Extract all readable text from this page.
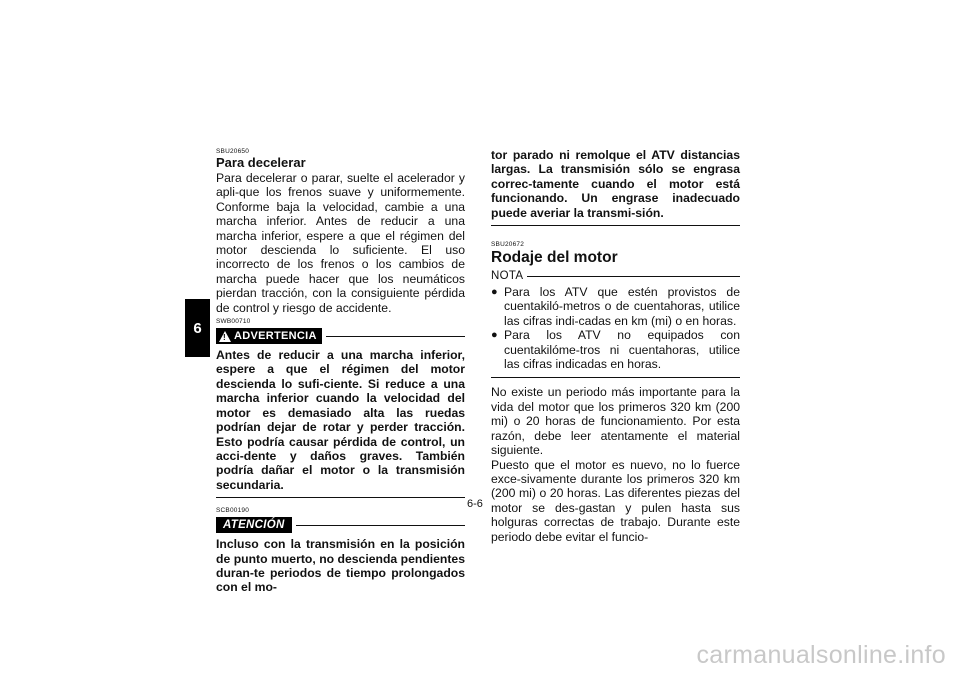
6

SBU20650

Para decelerar

Para decelerar o parar, suelte el acelerador y apli-que los frenos suave y uniformemente. Conforme baja la velocidad, cambie a una marcha inferior. Antes de reducir a una marcha inferior, espere a que el régimen del motor descienda lo suficiente. El uso incorrecto de los frenos o los cambios de marcha puede hacer que los neumáticos pierdan tracción, con la consiguiente pérdida de control y riesgo de accidente.

SWB00710

! ADVERTENCIA

Antes de reducir a una marcha inferior, espere a que el régimen del motor descienda lo sufi-ciente. Si reduce a una marcha inferior cuando la velocidad del motor es demasiado alta las ruedas podrían dejar de rotar y perder tracción. Esto podría causar pérdida de control, un acci-dente y daños graves. También podría dañar el motor o la transmisión secundaria.

SCB00190

ATENCIÓN

Incluso con la transmisión en la posición de punto muerto, no descienda pendientes duran-te periodos de tiempo prolongados con el mo-

tor parado ni remolque el ATV distancias largas. La transmisión sólo se engrasa correc-tamente cuando el motor está funcionando. Un engrase inadecuado puede averiar la transmi-sión.

SBU20672

Rodaje del motor

NOTA
● Para los ATV que estén provistos de cuentakiló-metros o de cuentahoras, utilice las cifras indi-cadas en km (mi) o en horas.
● Para los ATV no equipados con cuentakilóme-tros ni cuentahoras, utilice las cifras indicadas en horas.

No existe un periodo más importante para la vida del motor que los primeros 320 km (200 mi) o 20 horas de funcionamiento. Por esta razón, debe leer atentamente el material siguiente.

Puesto que el motor es nuevo, no lo fuerce exce-sivamente durante los primeros 320 km (200 mi) o 20 horas. Las diferentes piezas del motor se des-gastan y pulen hasta sus holguras correctas de trabajo. Durante este periodo debe evitar el funcio-

6-6
carmanualsonline.info
